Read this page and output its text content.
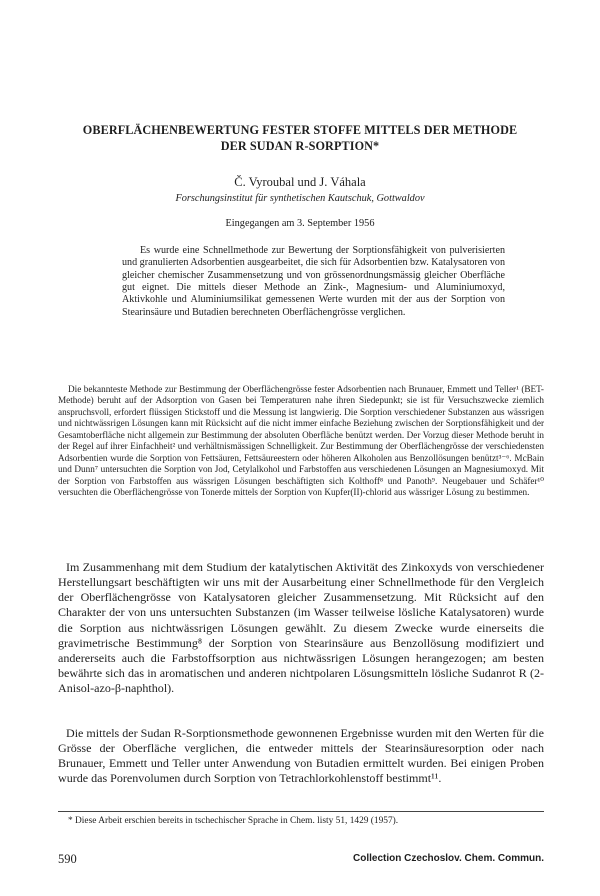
OBERFLÄCHENBEWERTUNG FESTER STOFFE MITTELS DER METHODE
DER SUDAN R-SORPTION*
Č. Vyroubal und J. Váhala
Forschungsinstitut für synthetischen Kautschuk, Gottwaldov
Eingegangen am 3. September 1956

Es wurde eine Schnellmethode zur Bewertung der Sorptionsfähigkeit von pulverisierten und granulierten Adsorbentien ausgearbeitet, die sich für Adsorbentien bzw. Katalysatoren von gleicher chemischer Zusammensetzung und von grössenordnungsmässig gleicher Oberfläche gut eignet. Die mittels dieser Methode an Zink-, Magnesium- und Aluminiumoxyd, Aktivkohle und Aluminiumsilikat gemessenen Werte wurden mit der aus der Sorption von Stearinsäure und Butadien berechneten Oberflächengrösse verglichen.

Die bekannteste Methode zur Bestimmung der Oberflächengrösse fester Adsorbentien nach Brunauer, Emmett und Teller¹ (BET-Methode) beruht auf der Adsorption von Gasen bei Temperaturen nahe ihren Siedepunkt; sie ist für Versuchszwecke ziemlich anspruchsvoll, erfordert flüssigen Stickstoff und die Messung ist langwierig. Die Sorption verschiedener Substanzen aus wässrigen und nichtwässrigen Lösungen kann mit Rücksicht auf die nicht immer einfache Beziehung zwischen der Sorptionsfähigkeit und der Gesamtoberfläche nicht allgemein zur Bestimmung der absoluten Oberfläche benützt werden. Der Vorzug dieser Methode beruht in der Regel auf ihrer Einfachheit² und verhältnismässigen Schnelligkeit. Zur Bestimmung der Oberflächengrösse der verschiedensten Adsorbentien wurde die Sorption von Fettsäuren, Fettsäureestern oder höheren Alkoholen aus Benzollösungen benützt³⁻⁶. McBain und Dunn⁷ untersuchten die Sorption von Jod, Cetylalkohol und Farbstoffen aus verschiedenen Lösungen an Magnesiumoxyd. Mit der Sorption von Farbstoffen aus wässrigen Lösungen beschäftigten sich Kolthoff⁸ und Panoth⁹. Neugebauer und Schäfer¹⁰ versuchten die Oberflächengrösse von Tonerde mittels der Sorption von Kupfer(II)-chlorid aus wässriger Lösung zu bestimmen.

Im Zusammenhang mit dem Studium der katalytischen Aktivität des Zinkoxyds von verschiedener Herstellungsart beschäftigten wir uns mit der Ausarbeitung einer Schnellmethode für den Vergleich der Oberflächengrösse von Katalysatoren gleicher Zusammensetzung. Mit Rücksicht auf den Charakter der von uns untersuchten Substanzen (im Wasser teilweise lösliche Katalysatoren) wurde die Sorption aus nichtwässrigen Lösungen gewählt. Zu diesem Zwecke wurde einerseits die gravimetrische Bestimmung⁸ der Sorption von Stearinsäure aus Benzollösung modifiziert und andererseits auch die Farbstoffsorption aus nichtwässrigen Lösungen herangezogen; am besten bewährte sich das in aromatischen und anderen nichtpolaren Lösungsmitteln lösliche Sudanrot R (2-Anisol-azo-β-naphthol).

Die mittels der Sudan R-Sorptionsmethode gewonnenen Ergebnisse wurden mit den Werten für die Grösse der Oberfläche verglichen, die entweder mittels der Stearinsäuresorption oder nach Brunauer, Emmett und Teller unter Anwendung von Butadien ermittelt wurden. Bei einigen Proben wurde das Porenvolumen durch Sorption von Tetrachlorkohlenstoff bestimmt¹¹.

* Diese Arbeit erschien bereits in tschechischer Sprache in Chem. listy 51, 1429 (1957).
590	Collection Czechoslov. Chem. Commun.
